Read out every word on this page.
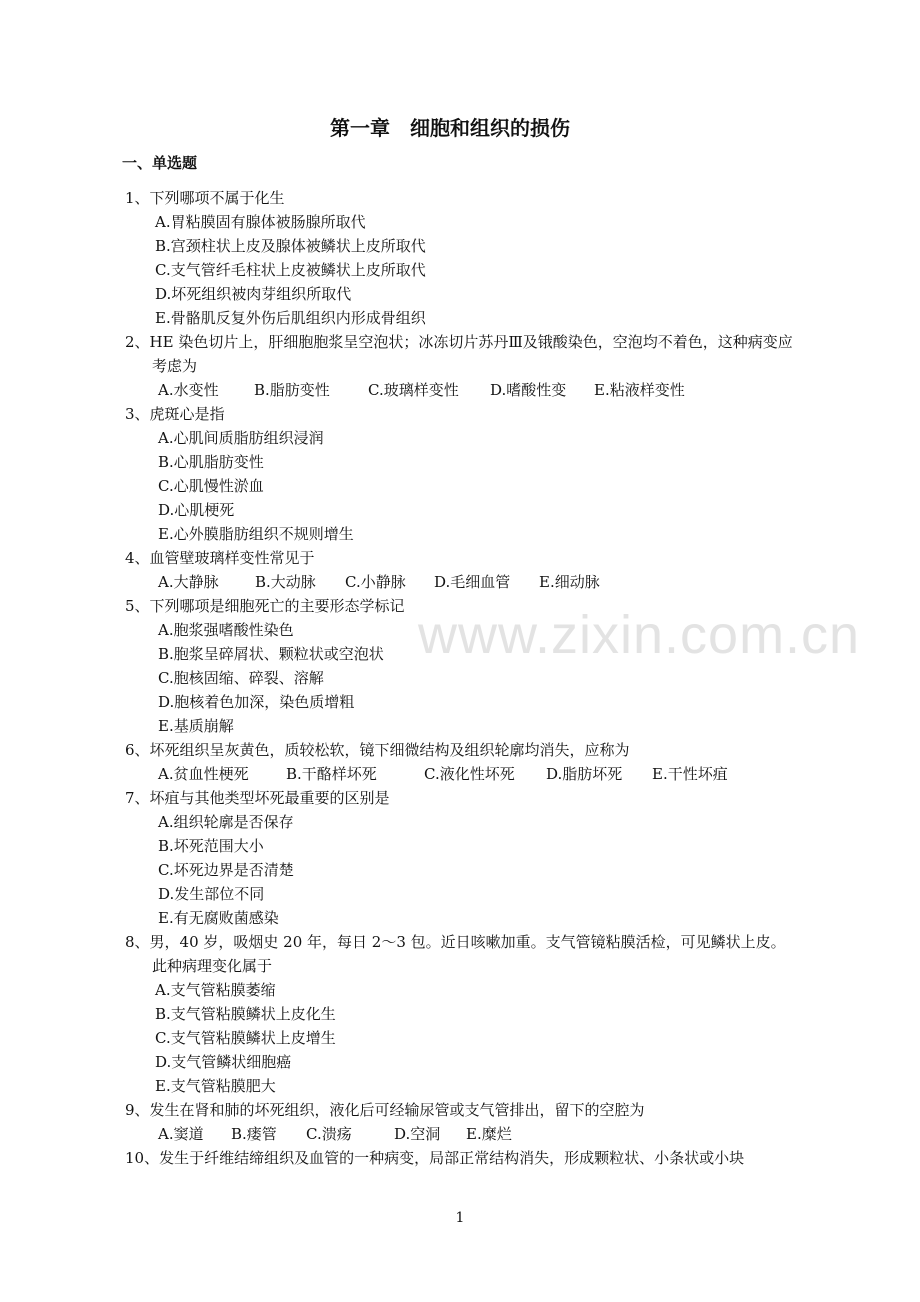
www.zixin.com.cn
第一章　细胞和组织的损伤
一、单选题
1、下列哪项不属于化生
A.胃粘膜固有腺体被肠腺所取代
B.宫颈柱状上皮及腺体被鳞状上皮所取代
C.支气管纤毛柱状上皮被鳞状上皮所取代
D.坏死组织被肉芽组织所取代
E.骨骼肌反复外伤后肌组织内形成骨组织
2、HE 染色切片上，肝细胞胞浆呈空泡状；冰冻切片苏丹Ⅲ及锇酸染色，空泡均不着色，这种病变应考虑为
A.水变性 B.脂肪变性	C.玻璃样变性 D.嗜酸性变 E.粘液样变性
3、虎斑心是指
A.心肌间质脂肪组织浸润
B.心肌脂肪变性
C.心肌慢性淤血
D.心肌梗死
E.心外膜脂肪组织不规则增生
4、血管壁玻璃样变性常见于
A.大静脉 B.大动脉 C.小静脉 D.毛细血管 E.细动脉
5、下列哪项是细胞死亡的主要形态学标记
A.胞浆强嗜酸性染色
B.胞浆呈碎屑状、颗粒状或空泡状
C.胞核固缩、碎裂、溶解
D.胞核着色加深，染色质增粗
E.基质崩解
6、坏死组织呈灰黄色，质较松软，镜下细微结构及组织轮廓均消失，应称为
A.贫血性梗死 B.干酪样坏死	C.液化性坏死 D.脂肪坏死 E.干性坏疽
7、坏疽与其他类型坏死最重要的区别是
A.组织轮廓是否保存
B.坏死范围大小
C.坏死边界是否清楚
D.发生部位不同
E.有无腐败菌感染
8、男，40 岁，吸烟史 20 年，每日 2～3 包。近日咳嗽加重。支气管镜粘膜活检，可见鳞状上皮。此种病理变化属于
A.支气管粘膜萎缩
B.支气管粘膜鳞状上皮化生
C.支气管粘膜鳞状上皮增生
D.支气管鳞状细胞癌
E.支气管粘膜肥大
9、发生在肾和肺的坏死组织，液化后可经输尿管或支气管排出，留下的空腔为
A.窦道 B.瘘管 C.溃疡	D.空洞 E.糜烂
10、发生于纤维结缔组织及血管的一种病变，局部正常结构消失，形成颗粒状、小条状或小块
1
